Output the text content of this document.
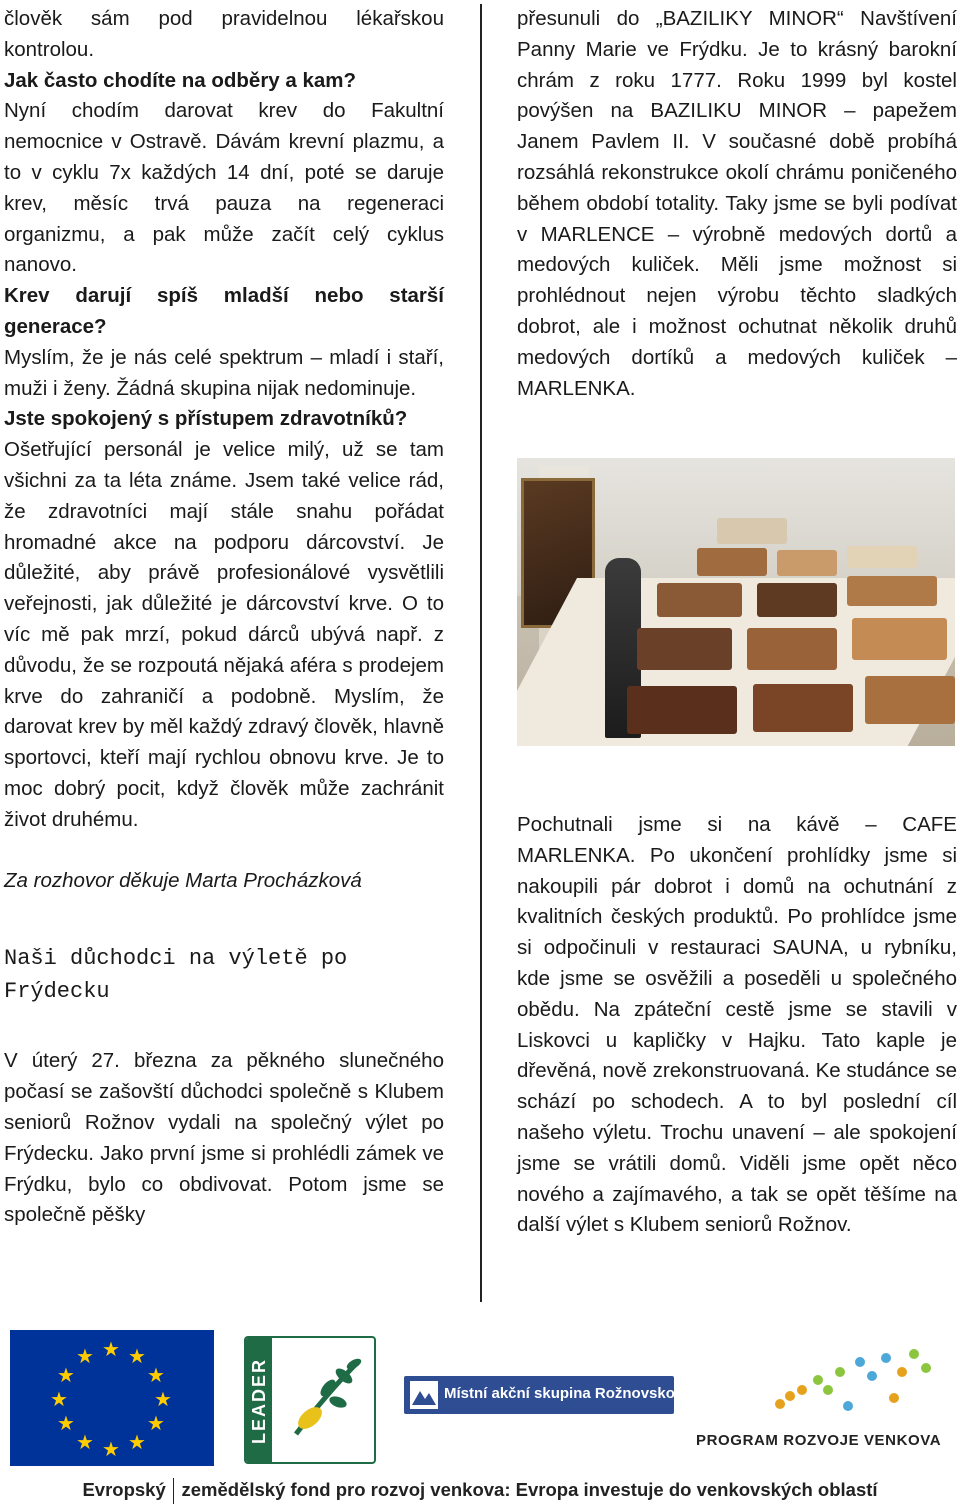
člověk sám pod pravidelnou lékařskou kontrolou.

Jak často chodíte na odběry a kam?

Nyní chodím darovat krev do Fakultní nemocnice v Ostravě. Dávám krevní plazmu, a to v cyklu 7x každých 14 dní, poté se daruje krev, měsíc trvá pauza na regeneraci organizmu, a pak může začít celý cyklus nanovo.

Krev darují spíš mladší nebo starší generace?

Myslím, že je nás celé spektrum – mladí i staří, muži i ženy. Žádná skupina nijak nedominuje.

Jste spokojený s přístupem zdravotníků?

Ošetřující personál je velice milý, už se tam všichni za ta léta známe. Jsem také velice rád, že zdravotníci mají stále snahu pořádat hromadné akce na podporu dárcovství. Je důležité, aby právě profesionálové vysvětlili veřejnosti, jak důležité je dárcovství krve. O to víc mě pak mrzí, pokud dárců ubývá např. z důvodu, že se rozpoutá nějaká aféra s prodejem krve do zahraničí a podobně. Myslím, že darovat krev by měl každý zdravý člověk, hlavně sportovci, kteří mají rychlou obnovu krve. Je to moc dobrý pocit, když člověk může zachránit život druhému.

Za rozhovor děkuje Marta Procházková

Naši důchodci na výletě po Frýdecku

V úterý 27. března za pěkného slunečného počasí se zašovští důchodci společně s Klubem seniorů Rožnov vydali na společný výlet po Frýdecku. Jako první jsme si prohlédli zámek ve Frýdku, bylo co obdivovat. Potom jsme se společně pěšky

přesunuli do „BAZILIKY MINOR“ Navštívení Panny Marie ve Frýdku. Je to krásný barokní chrám z roku 1777. Roku 1999 byl kostel povýšen na BAZILIKU MINOR – papežem Janem Pavlem II. V současné době probíhá rozsáhlá rekonstrukce okolí chrámu poničeného během období totality. Taky jsme se byli podívat v MARLENCE – výrobně medových dortů a medových kuliček. Měli jsme možnost si prohlédnout nejen výrobu těchto sladkých dobrot, ale i možnost ochutnat několik druhů medových dortíků a medových kuliček – MARLENKA.

Pochutnali jsme si na kávě – CAFE MARLENKA. Po ukončení prohlídky jsme si nakoupili pár dobrot i domů na ochutnání z kvalitních českých produktů. Po prohlídce jsme si odpočinuli v restauraci SAUNA, u rybníku, kde jsme se osvěžili a poseděli u společného obědu. Na zpáteční cestě jsme se stavili v Liskovci u kapličky v Hajku. Tato kaple je dřevěná, nově zrekonstruovaná. Ke studánce se schází po schodech. A to byl poslední cíl našeho výletu. Trochu unavení – ale spokojení jsme se vrátili domů. Viděli jsme opět něco nového a zajímavého, a tak se opět těšíme na další výlet s Klubem seniorů Rožnov.

★ ★
★
★
★
★
★
★
★
★
★
★
LEADER	Místní akční skupina Rožnovsko
PROGRAM ROZVOJE VENKOVA
Evropský zemědělský fond pro rozvoj venkova: Evropa investuje do venkovských oblastí
